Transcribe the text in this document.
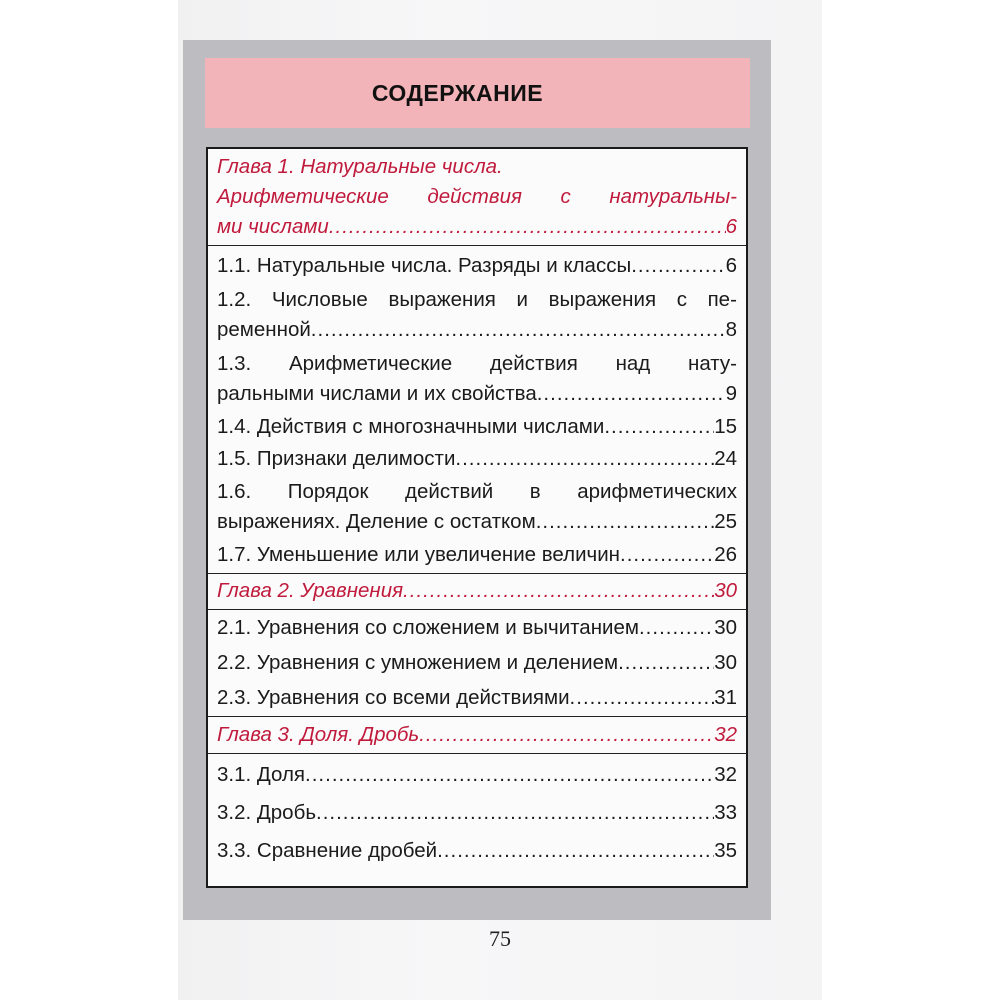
СОДЕРЖАНИЕ
Глава 1. Натуральные числа.
Арифметические действия с натуральны-
ми числами .....	6
1.1. Натуральные числа. Разряды и классы .....	6
1.2. Числовые выражения и выражения с пе-
ременной .....	8
1.3. Арифметические действия над нату-
ральными числами и их свойства .....	9
1.4. Действия с многозначными числами .....	15
1.5. Признаки делимости .....	24
1.6. Порядок действий в арифметических
выражениях. Деление с остатком .....	25
1.7. Уменьшение или увеличение величин .....	26
Глава 2. Уравнения .....	30
2.1. Уравнения со сложением и вычитанием .....	30
2.2. Уравнения с умножением и делением .....	30
2.3. Уравнения со всеми действиями .....	31
Глава 3. Доля. Дробь .....	32
3.1. Доля .....	32
3.2. Дробь .....	33
3.3. Сравнение дробей .....	35
75
